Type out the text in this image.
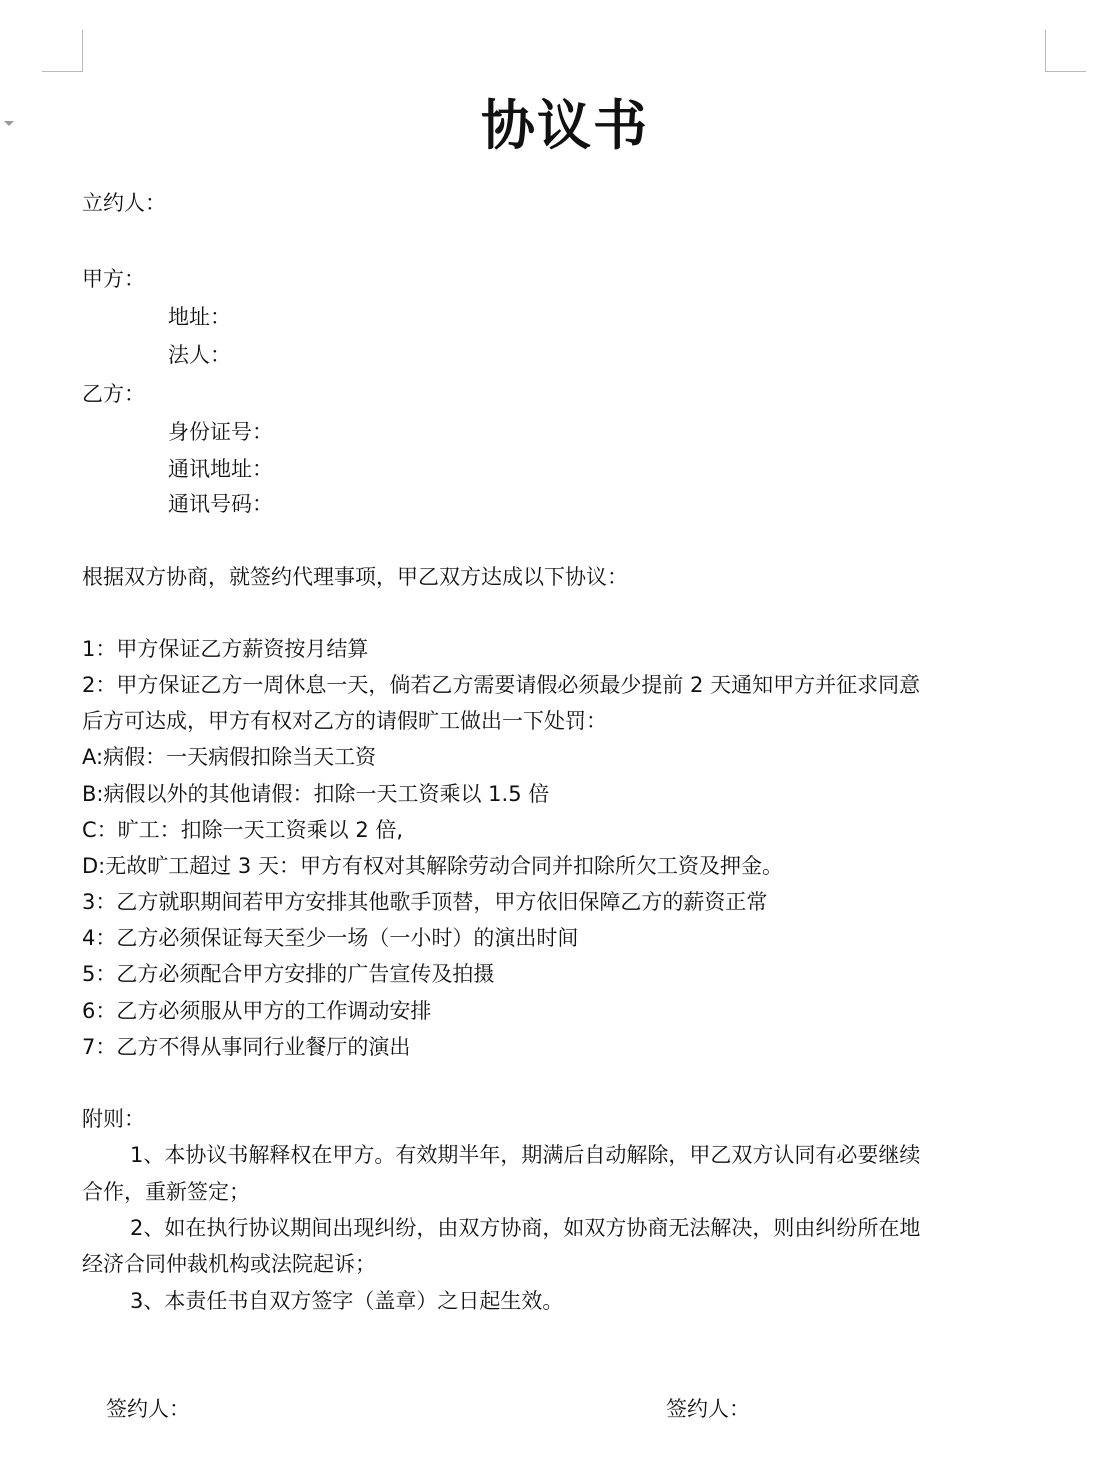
协议书
立约人：
甲方：
地址：
法人：
乙方：
身份证号：
通讯地址：
通讯号码：
根据双方协商，就签约代理事项，甲乙双方达成以下协议：
1：甲方保证乙方薪资按月结算
2：甲方保证乙方一周休息一天，倘若乙方需要请假必须最少提前 2 天通知甲方并征求同意
后方可达成，甲方有权对乙方的请假旷工做出一下处罚：
A:病假：一天病假扣除当天工资
B:病假以外的其他请假：扣除一天工资乘以 1.5 倍
C：旷工：扣除一天工资乘以 2 倍,
D:无故旷工超过 3 天：甲方有权对其解除劳动合同并扣除所欠工资及押金。
3：乙方就职期间若甲方安排其他歌手顶替，甲方依旧保障乙方的薪资正常
4：乙方必须保证每天至少一场（一小时）的演出时间
5：乙方必须配合甲方安排的广告宣传及拍摄
6：乙方必须服从甲方的工作调动安排
7：乙方不得从事同行业餐厅的演出
附则：
1、本协议书解释权在甲方。有效期半年，期满后自动解除，甲乙双方认同有必要继续
合作，重新签定；
2、如在执行协议期间出现纠纷，由双方协商，如双方协商无法解决，则由纠纷所在地
经济合同仲裁机构或法院起诉；
3、本责任书自双方签字（盖章）之日起生效。
签约人：	签约人：
